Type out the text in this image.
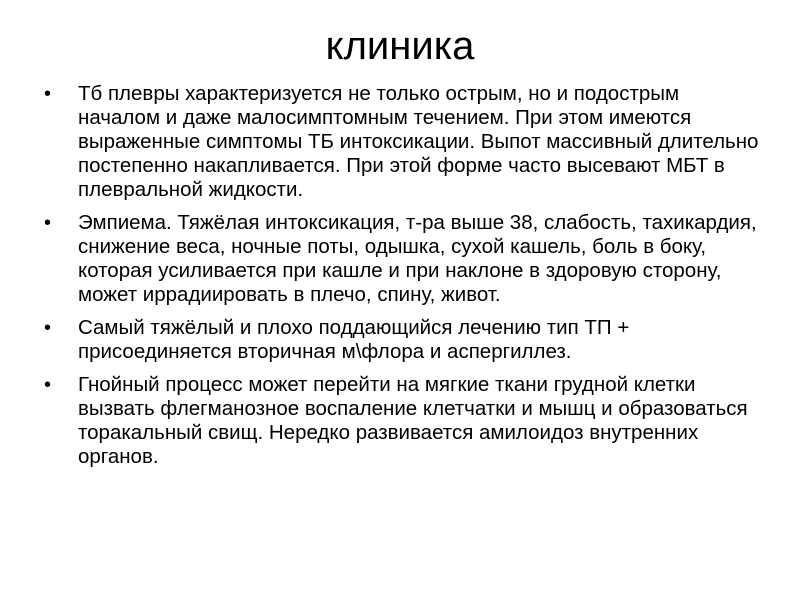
клиника
• Тб плевры характеризуется не только острым, но и подострым началом и даже малосимптомным течением. При этом имеются выраженные симптомы ТБ интоксикации. Выпот массивный длительно постепенно накапливается. При этой форме часто высевают МБТ в плевральной жидкости.
• Эмпиема. Тяжёлая интоксикация, т-ра выше 38, слабость, тахикардия, снижение веса, ночные поты, одышка, сухой кашель, боль в боку, которая усиливается при кашле и при наклоне в здоровую сторону, может иррадиировать в плечо, спину, живот.
• Самый тяжёлый и плохо поддающийся лечению тип ТП + присоединяется вторичная м\флора и аспергиллез.
• Гнойный процесс может перейти на мягкие ткани грудной клетки вызвать флегманозное воспаление клетчатки и мышц и образоваться торакальный свищ. Нередко развивается амилоидоз внутренних органов.
